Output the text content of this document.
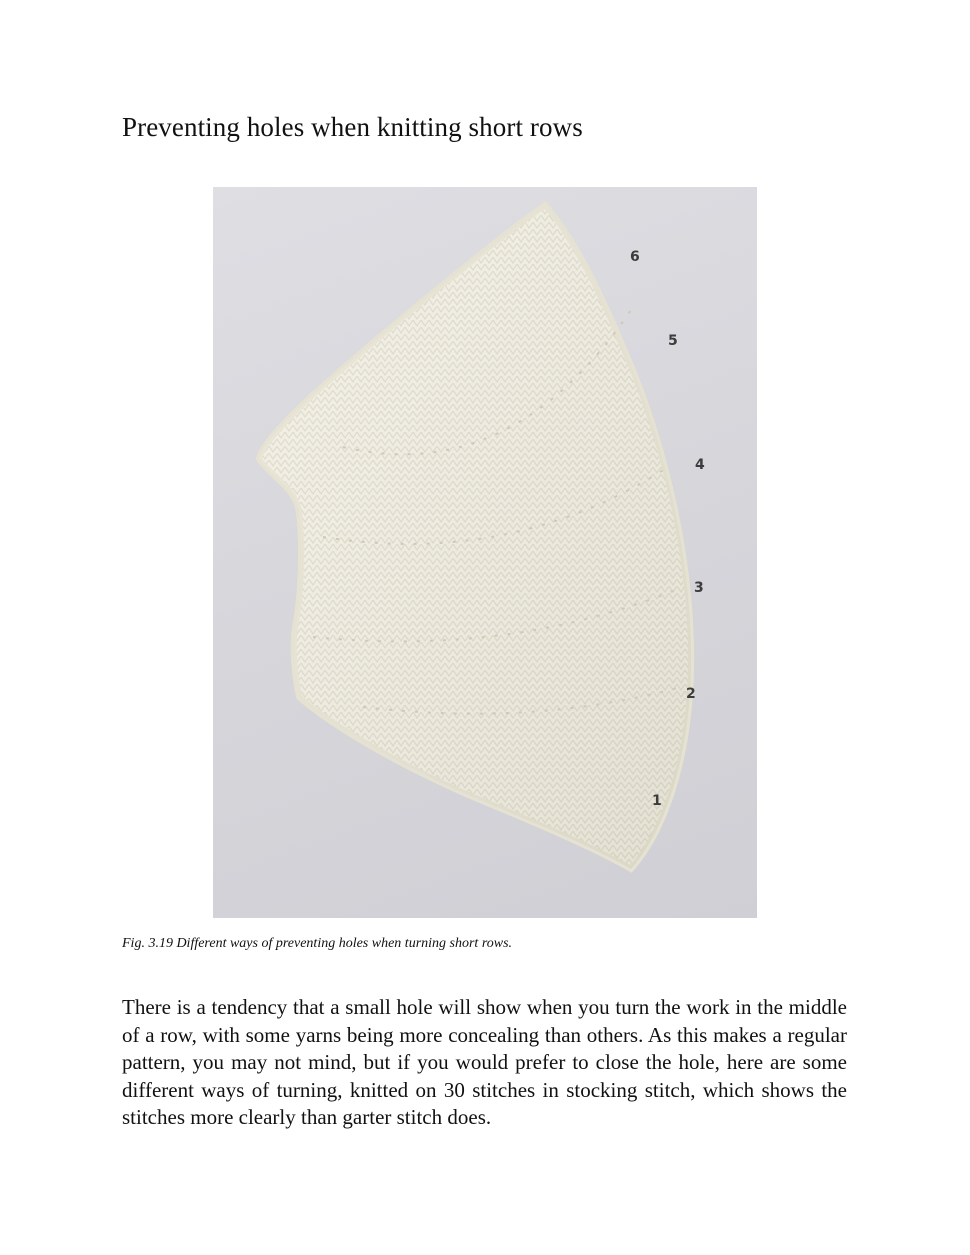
Preventing holes when knitting short rows
6
5
4
3
2
1

Fig. 3.19 Different ways of preventing holes when turning short rows.

There is a tendency that a small hole will show when you turn the work in the middle of a row, with some yarns being more concealing than others. As this makes a regular pattern, you may not mind, but if you would prefer to close the hole, here are some different ways of turning, knitted on 30 stitches in stocking stitch, which shows the stitches more clearly than garter stitch does.
